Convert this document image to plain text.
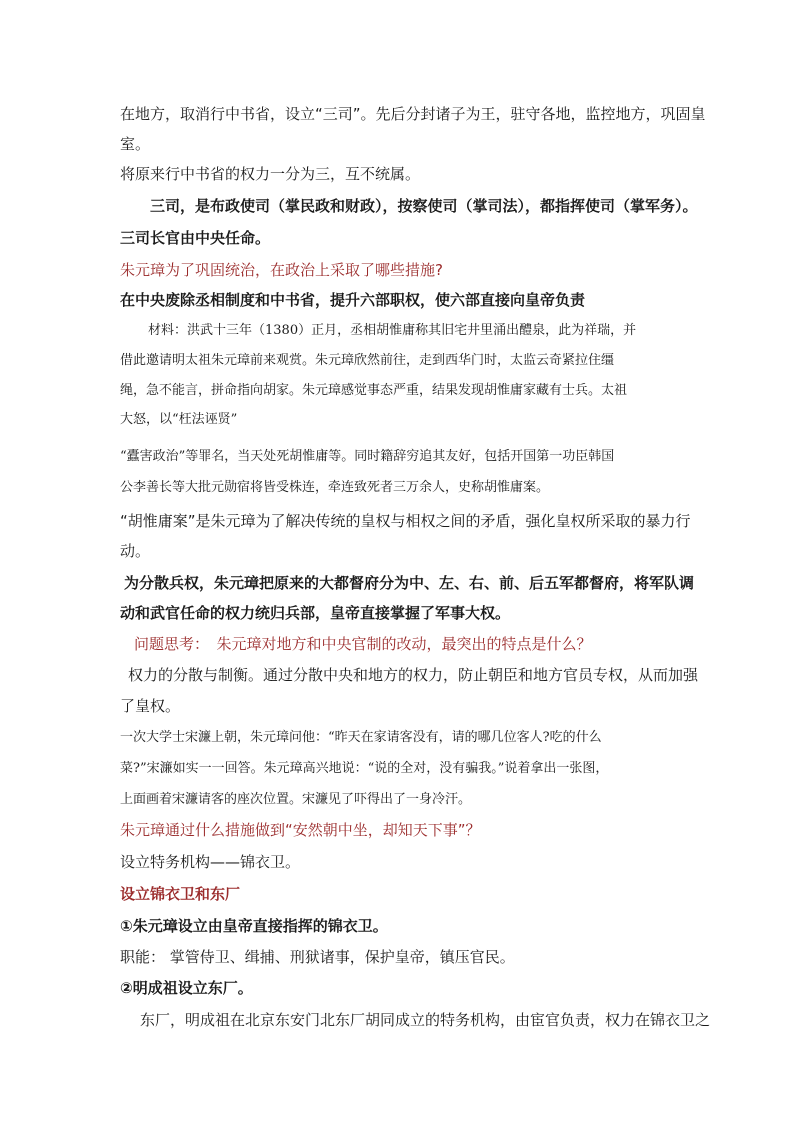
在地方，取消行中书省，设立“三司”。先后分封诸子为王，驻守各地，监控地方，巩固皇
室。
将原来行中书省的权力一分为三，互不统属。
三司，是布政使司（掌民政和财政），按察使司（掌司法），都指挥使司（掌军务）。
三司长官由中央任命。
朱元璋为了巩固统治，在政治上采取了哪些措施?
在中央废除丞相制度和中书省，提升六部职权，使六部直接向皇帝负责
材料：洪武十三年（1380）正月，丞相胡惟庸称其旧宅井里涌出醴泉，此为祥瑞，并
借此邀请明太祖朱元璋前来观赏。朱元璋欣然前往，走到西华门时，太监云奇紧拉住缰
绳，急不能言，拼命指向胡家。朱元璋感觉事态严重，结果发现胡惟庸家藏有士兵。太祖
大怒，以“枉法诬贤”
“蠹害政治”等罪名，当天处死胡惟庸等。同时籍辞穷追其友好，包括开国第一功臣韩国
公李善长等大批元勋宿将皆受株连，牵连致死者三万余人，史称胡惟庸案。
“胡惟庸案”是朱元璋为了解决传统的皇权与相权之间的矛盾，强化皇权所采取的暴力行
动。
为分散兵权，朱元璋把原来的大都督府分为中、左、右、前、后五军都督府，将军队调
动和武官任命的权力统归兵部，皇帝直接掌握了军事大权。
问题思考：　朱元璋对地方和中央官制的改动，最突出的特点是什么？
权力的分散与制衡。通过分散中央和地方的权力，防止朝臣和地方官员专权，从而加强
了皇权。
一次大学士宋濂上朝，朱元璋问他：“昨天在家请客没有，请的哪几位客人?吃的什么
菜?”宋濂如实一一回答。朱元璋高兴地说：“说的全对，没有骗我。”说着拿出一张图，
上面画着宋濂请客的座次位置。宋濂见了吓得出了一身冷汗。
朱元璋通过什么措施做到“安然朝中坐，却知天下事”？
设立特务机构——锦衣卫。
设立锦衣卫和东厂
①朱元璋设立由皇帝直接指挥的锦衣卫。
职能： 掌管侍卫、缉捕、刑狱诸事，保护皇帝，镇压官民。
②明成祖设立东厂。
东厂，明成祖在北京东安门北东厂胡同成立的特务机构，由宦官负责，权力在锦衣卫之
